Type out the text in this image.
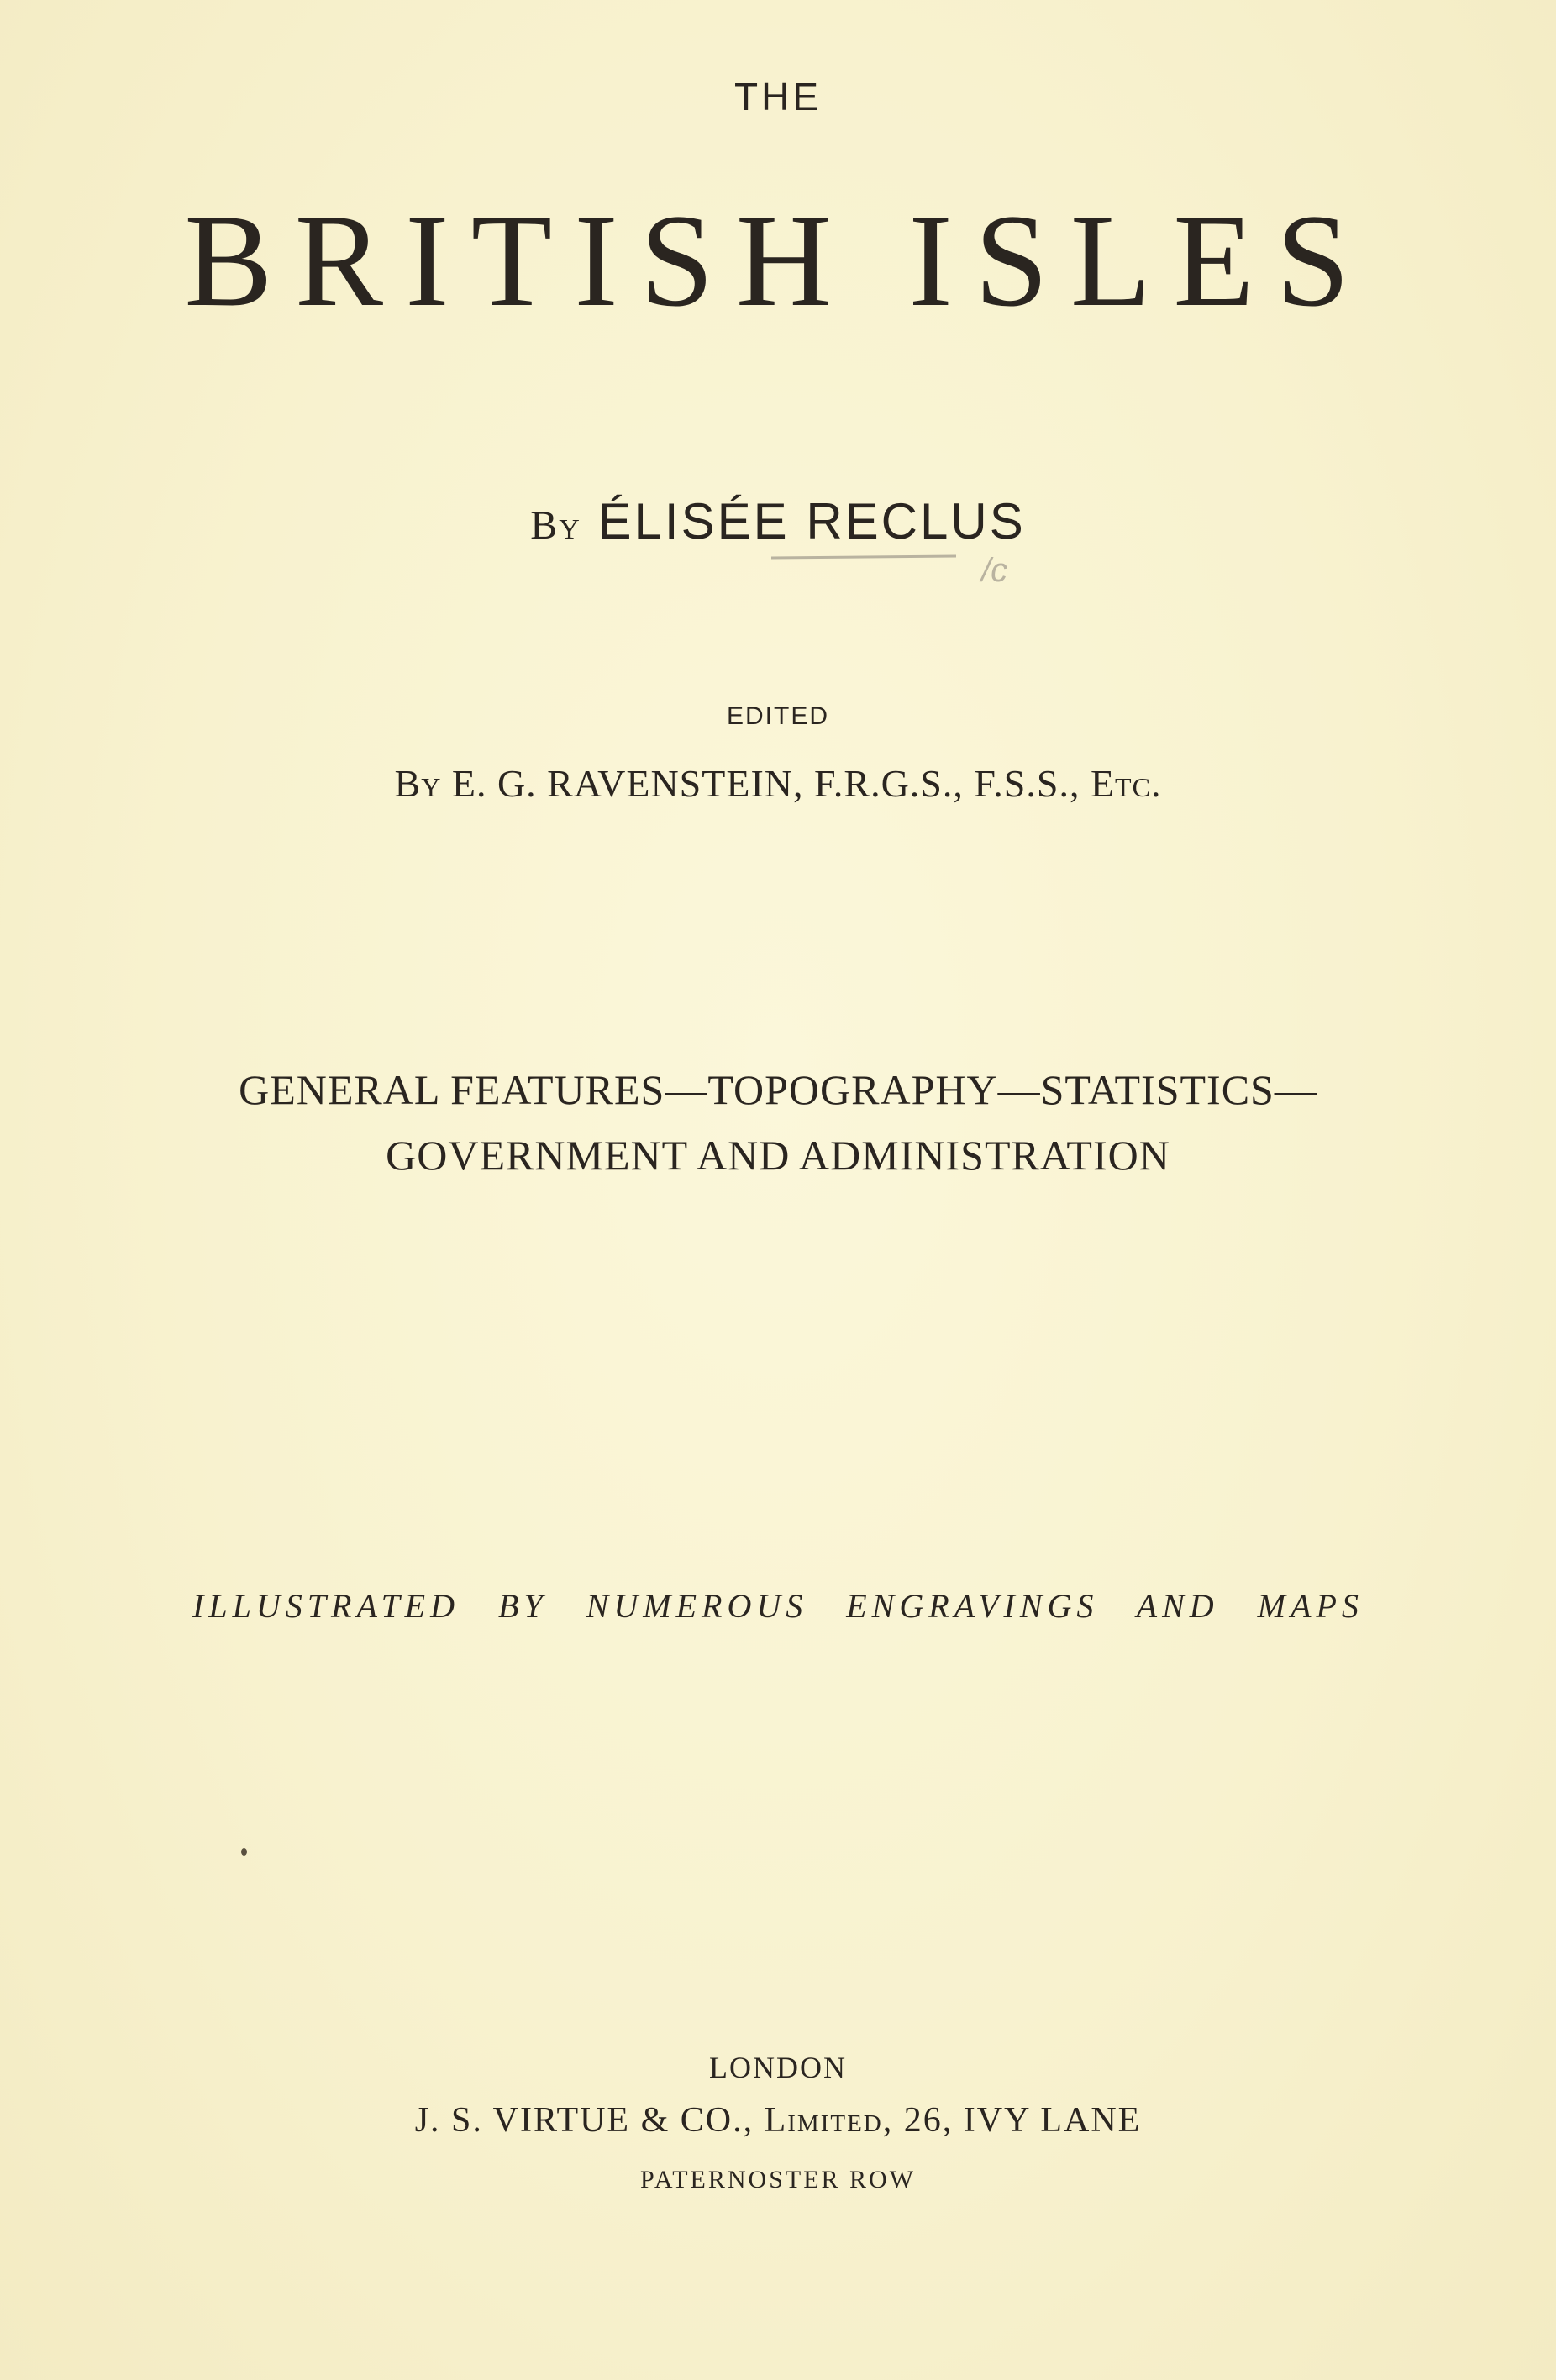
THE
BRITISH ISLES
By ÉLISÉE RECLUS
/c
EDITED
By E. G. RAVENSTEIN, F.R.G.S., F.S.S., Etc.
GENERAL FEATURES—TOPOGRAPHY—STATISTICS—
GOVERNMENT AND ADMINISTRATION
ILLUSTRATED BY NUMEROUS ENGRAVINGS AND MAPS
LONDON
J. S. VIRTUE & CO., Limited, 26, IVY LANE
PATERNOSTER ROW
